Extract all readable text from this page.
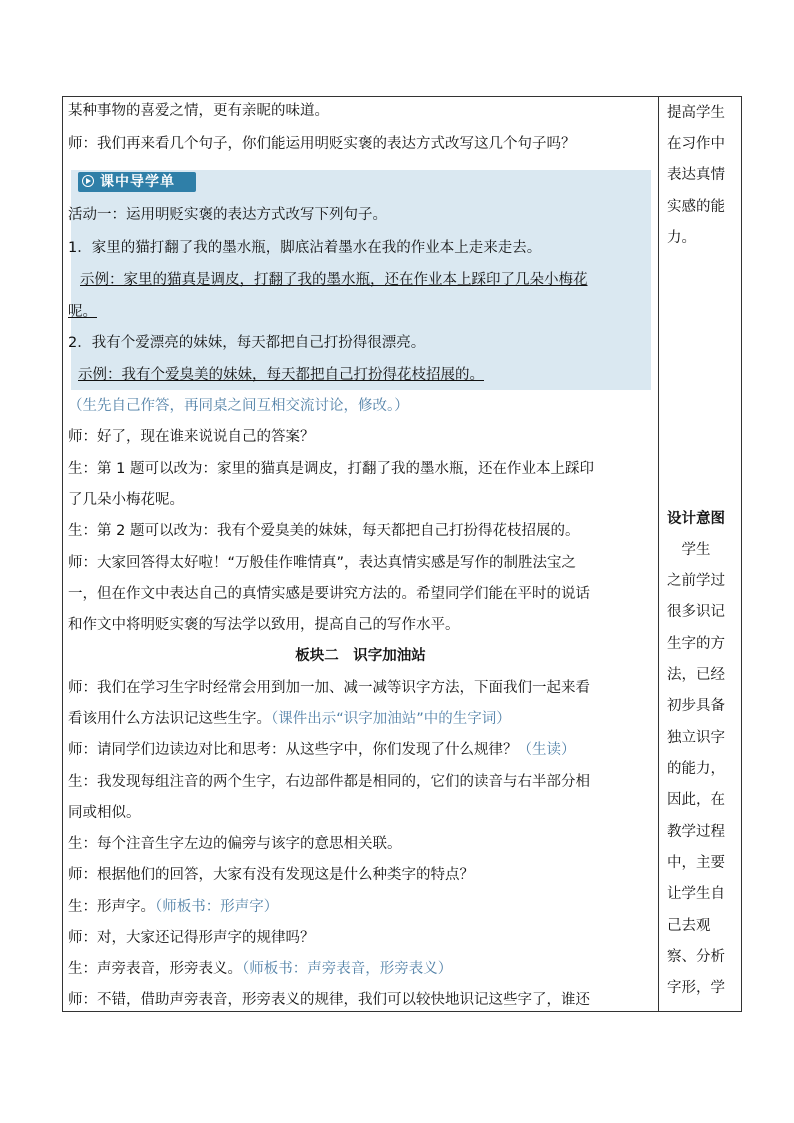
某种事物的喜爱之情，更有亲昵的味道。
师：我们再来看几个句子，你们能运用明贬实褒的表达方式改写这几个句子吗？
课中导学单
活动一：运用明贬实褒的表达方式改写下列句子。
1．家里的猫打翻了我的墨水瓶，脚底沾着墨水在我的作业本上走来走去。
示例：家里的猫真是调皮，打翻了我的墨水瓶，还在作业本上踩印了几朵小梅花
呢。
2．我有个爱漂亮的妹妹，每天都把自己打扮得很漂亮。
示例：我有个爱臭美的妹妹，每天都把自己打扮得花枝招展的。
（生先自己作答，再同桌之间互相交流讨论，修改。）
师：好了，现在谁来说说自己的答案？
生：第 1 题可以改为：家里的猫真是调皮，打翻了我的墨水瓶，还在作业本上踩印
了几朵小梅花呢。
生：第 2 题可以改为：我有个爱臭美的妹妹，每天都把自己打扮得花枝招展的。
师：大家回答得太好啦！“万般佳作唯情真”，表达真情实感是写作的制胜法宝之
一，但在作文中表达自己的真情实感是要讲究方法的。希望同学们能在平时的说话
和作文中将明贬实褒的写法学以致用，提高自己的写作水平。
板块二　识字加油站
师：我们在学习生字时经常会用到加一加、减一减等识字方法，下面我们一起来看
看该用什么方法识记这些生字。（课件出示“识字加油站”中的生字词）
师：请同学们边读边对比和思考：从这些字中，你们发现了什么规律？（生读）
生：我发现每组注音的两个生字，右边部件都是相同的，它们的读音与右半部分相
同或相似。
生：每个注音生字左边的偏旁与该字的意思相关联。
师：根据他们的回答，大家有没有发现这是什么种类字的特点？
生：形声字。（师板书：形声字）
师：对，大家还记得形声字的规律吗？
生：声旁表音，形旁表义。（师板书：声旁表音，形旁表义）
师：不错，借助声旁表音，形旁表义的规律，我们可以较快地识记这些字了，谁还
提高学生
在习作中
表达真情
实感的能
力。
设计意图
　学生
之前学过
很多识记
生字的方
法，已经
初步具备
独立识字
的能力，
因此，在
教学过程
中，主要
让学生自
己去观
察、分析
字形，学
